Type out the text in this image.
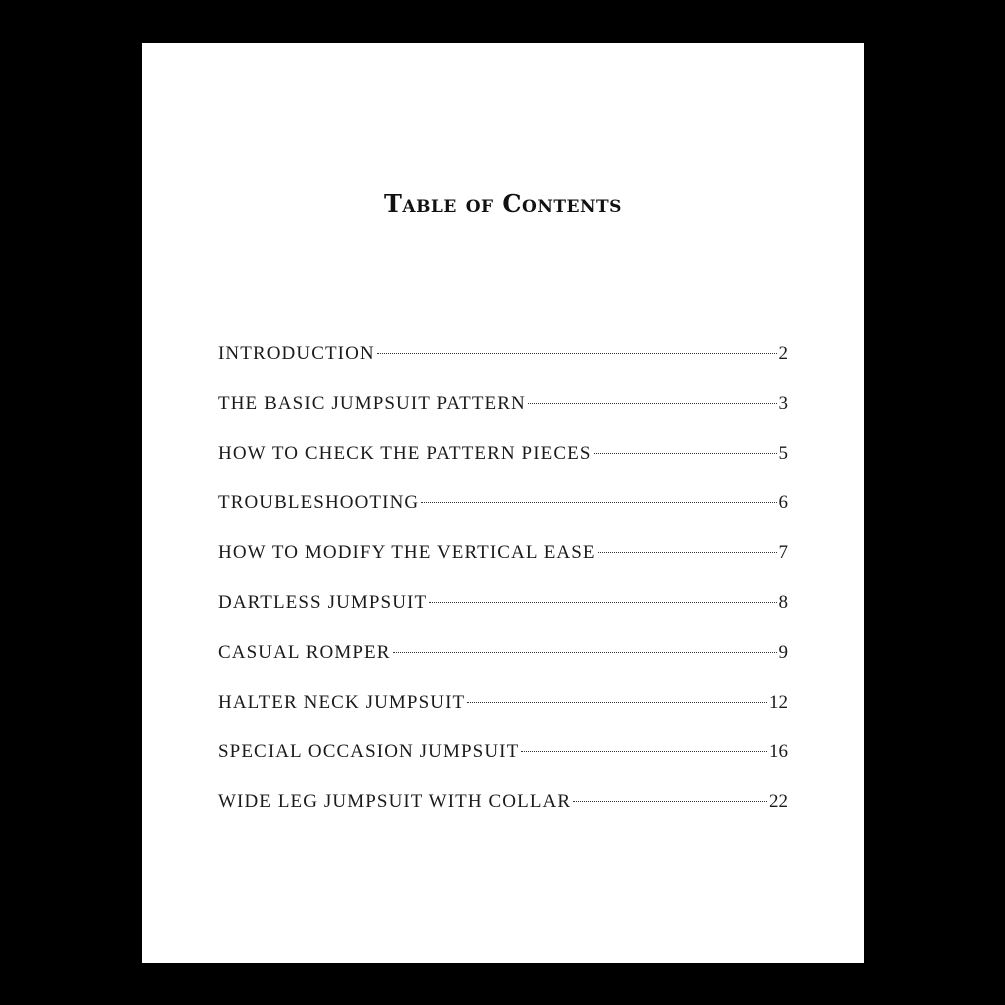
Table of Contents
INTRODUCTION	2
THE BASIC JUMPSUIT PATTERN	3
HOW TO CHECK THE PATTERN PIECES	5
TROUBLESHOOTING	6
HOW TO MODIFY THE VERTICAL EASE	7
DARTLESS JUMPSUIT	8
CASUAL ROMPER	9
HALTER NECK JUMPSUIT	12
SPECIAL OCCASION JUMPSUIT	16
WIDE LEG JUMPSUIT WITH COLLAR	22
